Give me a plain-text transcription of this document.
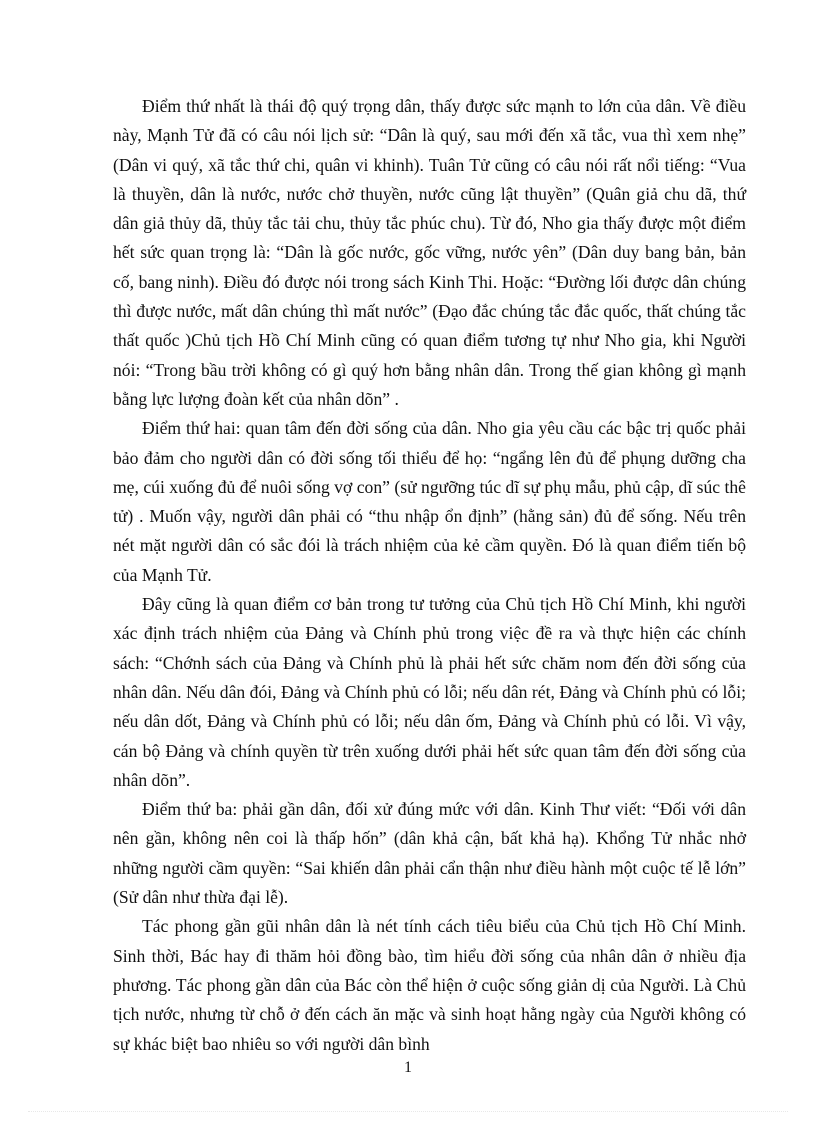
Điểm thứ nhất là thái độ quý trọng dân, thấy được sức mạnh to lớn của dân. Về điều này, Mạnh Tử đã có câu nói lịch sử: “Dân là quý, sau mới đến xã tắc, vua thì xem nhẹ” (Dân vi quý, xã tắc thứ chi, quân vi khinh). Tuân Tử cũng có câu nói rất nổi tiếng: “Vua là thuyền, dân là nước, nước chở thuyền, nước cũng lật thuyền” (Quân giả chu dã, thứ dân giả thủy dã, thủy tắc tải chu, thủy tắc phúc chu). Từ đó, Nho gia thấy được một điểm hết sức quan trọng là: “Dân là gốc nước, gốc vững, nước yên” (Dân duy bang bản, bản cố, bang ninh). Điều đó được nói trong sách Kinh Thi. Hoặc: “Đường lối được dân chúng thì được nước, mất dân chúng thì mất nước” (Đạo đắc chúng tắc đắc quốc, thất chúng tắc thất quốc )Chủ tịch Hồ Chí Minh cũng có quan điểm tương tự như Nho gia, khi Người nói: “Trong bầu trời không có gì quý hơn bằng nhân dân. Trong thế gian không gì mạnh bằng lực lượng đoàn kết của nhân dõn” .

Điểm thứ hai: quan tâm đến đời sống của dân. Nho gia yêu cầu các bậc trị quốc phải bảo đảm cho người dân có đời sống tối thiểu để họ: “ngẩng lên đủ để phụng dưỡng cha mẹ, cúi xuống đủ để nuôi sống vợ con” (sử ngưỡng túc dĩ sự phụ mẫu, phủ cập, dĩ súc thê tử) . Muốn vậy, người dân phải có “thu nhập ổn định” (hằng sản) đủ để sống. Nếu trên nét mặt người dân có sắc đói là trách nhiệm của kẻ cầm quyền. Đó là quan điểm tiến bộ của Mạnh Tử.

Đây cũng là quan điểm cơ bản trong tư tưởng của Chủ tịch Hồ Chí Minh, khi người xác định trách nhiệm của Đảng và Chính phủ trong việc đề ra và thực hiện các chính sách: “Chớnh sách của Đảng và Chính phủ là phải hết sức chăm nom đến đời sống của nhân dân. Nếu dân đói, Đảng và Chính phủ có lỗi; nếu dân rét, Đảng và Chính phủ có lỗi; nếu dân dốt, Đảng và Chính phủ có lỗi; nếu dân ốm, Đảng và Chính phủ có lỗi. Vì vậy, cán bộ Đảng và chính quyền từ trên xuống dưới phải hết sức quan tâm đến đời sống của nhân dõn”.

Điểm thứ ba: phải gần dân, đối xử đúng mức với dân. Kinh Thư viết: “Đối với dân nên gần, không nên coi là thấp hốn” (dân khả cận, bất khả hạ). Khổng Tử nhắc nhở những người cầm quyền: “Sai khiến dân phải cẩn thận như điều hành một cuộc tế lễ lớn” (Sử dân như thừa đại lễ).

Tác phong gần gũi nhân dân là nét tính cách tiêu biểu của Chủ tịch Hồ Chí Minh. Sinh thời, Bác hay đi thăm hỏi đồng bào, tìm hiểu đời sống của nhân dân ở nhiều địa phương. Tác phong gần dân của Bác còn thể hiện ở cuộc sống giản dị của Người. Là Chủ tịch nước, nhưng từ chỗ ở đến cách ăn mặc và sinh hoạt hằng ngày của Người không có sự khác biệt bao nhiêu so với người dân bình

1
